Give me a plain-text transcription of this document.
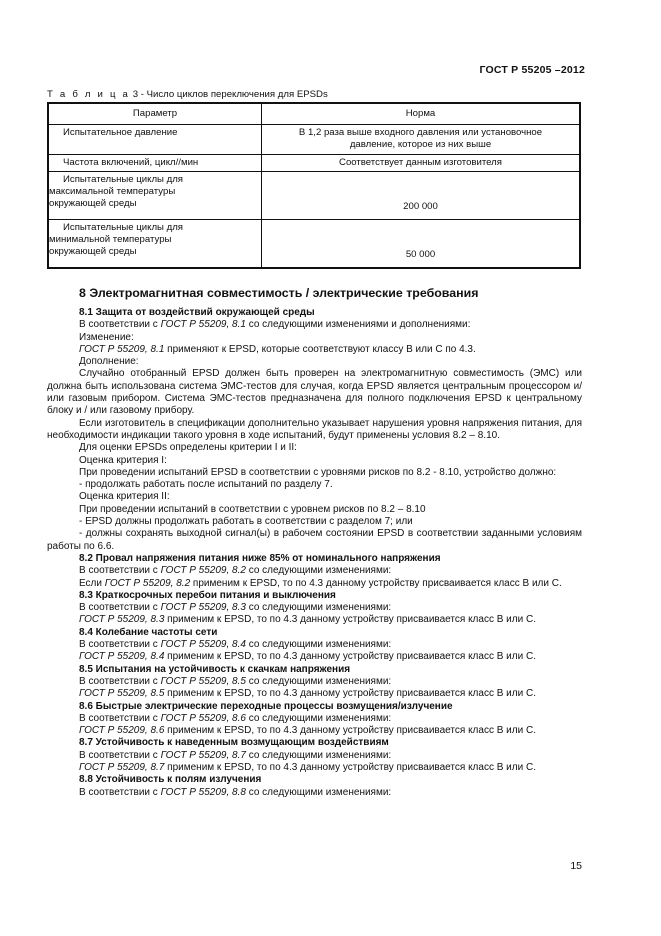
ГОСТ Р 55205 –2012
Т а б л и ц а 3 - Число циклов переключения для EPSDs
Параметр	Норма
Испытательное давление	В 1,2 раза выше входного давления или установочное
давление, которое из них выше

Частота включений, цикл//мин	Соответствует данным изготовителя

Испытательные циклы для
максимальной температуры
окружающей среды	200 000

Испытательные циклы для
минимальной температуры
окружающей среды	50 000
8 Электромагнитная совместимость / электрические требования

8.1 Защита от воздействий окружающей среды

В соответствии с ГОСТ Р 55209, 8.1 со следующими изменениями и дополнениями:

Изменение:

ГОСТ Р 55209, 8.1 применяют к EPSD, которые соответствуют классу B или C по 4.3.

Дополнение:

Случайно отобранный EPSD должен быть проверен на электромагнитную совместимость (ЭМС) или должна быть использована система ЭМС-тестов для случая, когда EPSD является центральным процессором и/или газовым прибором. Система ЭМС-тестов предназначена для полного подключения EPSD к центральному блоку и / или газовому прибору.

Если изготовитель в спецификации дополнительно указывает нарушения уровня напряжения питания, для необходимости индикации такого уровня в ходе испытаний, будут применены условия 8.2 – 8.10.

Для оценки EPSDs определены критерии I и II:

Оценка критерия I:

При проведении испытаний EPSD в соответствии с уровнями рисков по 8.2 - 8.10, устройство должно:

- продолжать работать после испытаний по разделу 7.

Оценка критерия II:

При проведении испытаний в соответствии с уровнем рисков по 8.2 – 8.10

- EPSD должны продолжать работать в соответствии с разделом 7; или

- должны сохранять выходной сигнал(ы) в рабочем состоянии EPSD в соответствии заданными условиям работы по 6.6.

8.2 Провал напряжения питания ниже 85% от номинального напряжения

В соответствии с ГОСТ Р 55209, 8.2 со следующими изменениями:

Если ГОСТ Р 55209, 8.2 применим к EPSD, то по 4.3 данному устройству присваивается класс B или C.

8.3 Краткосрочных перебои питания и выключения

В соответствии с ГОСТ Р 55209, 8.3 со следующими изменениями:

ГОСТ Р 55209, 8.3 применим к EPSD, то по 4.3 данному устройству присваивается класс B или C.

8.4 Колебание частоты сети

В соответствии с ГОСТ Р 55209, 8.4 со следующими изменениями:

ГОСТ Р 55209, 8.4 применим к EPSD, то по 4.3 данному устройству присваивается класс B или C.

8.5 Испытания на устойчивость к скачкам напряжения

В соответствии с ГОСТ Р 55209, 8.5 со следующими изменениями:

ГОСТ Р 55209, 8.5 применим к EPSD, то по 4.3 данному устройству присваивается класс B или C.

8.6 Быстрые электрические переходные процессы возмущения/излучение

В соответствии с ГОСТ Р 55209, 8.6 со следующими изменениями:

ГОСТ Р 55209, 8.6 применим к EPSD, то по 4.3 данному устройству присваивается класс B или C.

8.7 Устойчивость к наведенным возмущающим воздействиям

В соответствии с ГОСТ Р 55209, 8.7 со следующими изменениями:

ГОСТ Р 55209, 8.7 применим к EPSD, то по 4.3 данному устройству присваивается класс B или C.

8.8 Устойчивость к полям излучения

В соответствии с ГОСТ Р 55209, 8.8 со следующими изменениями:

15
